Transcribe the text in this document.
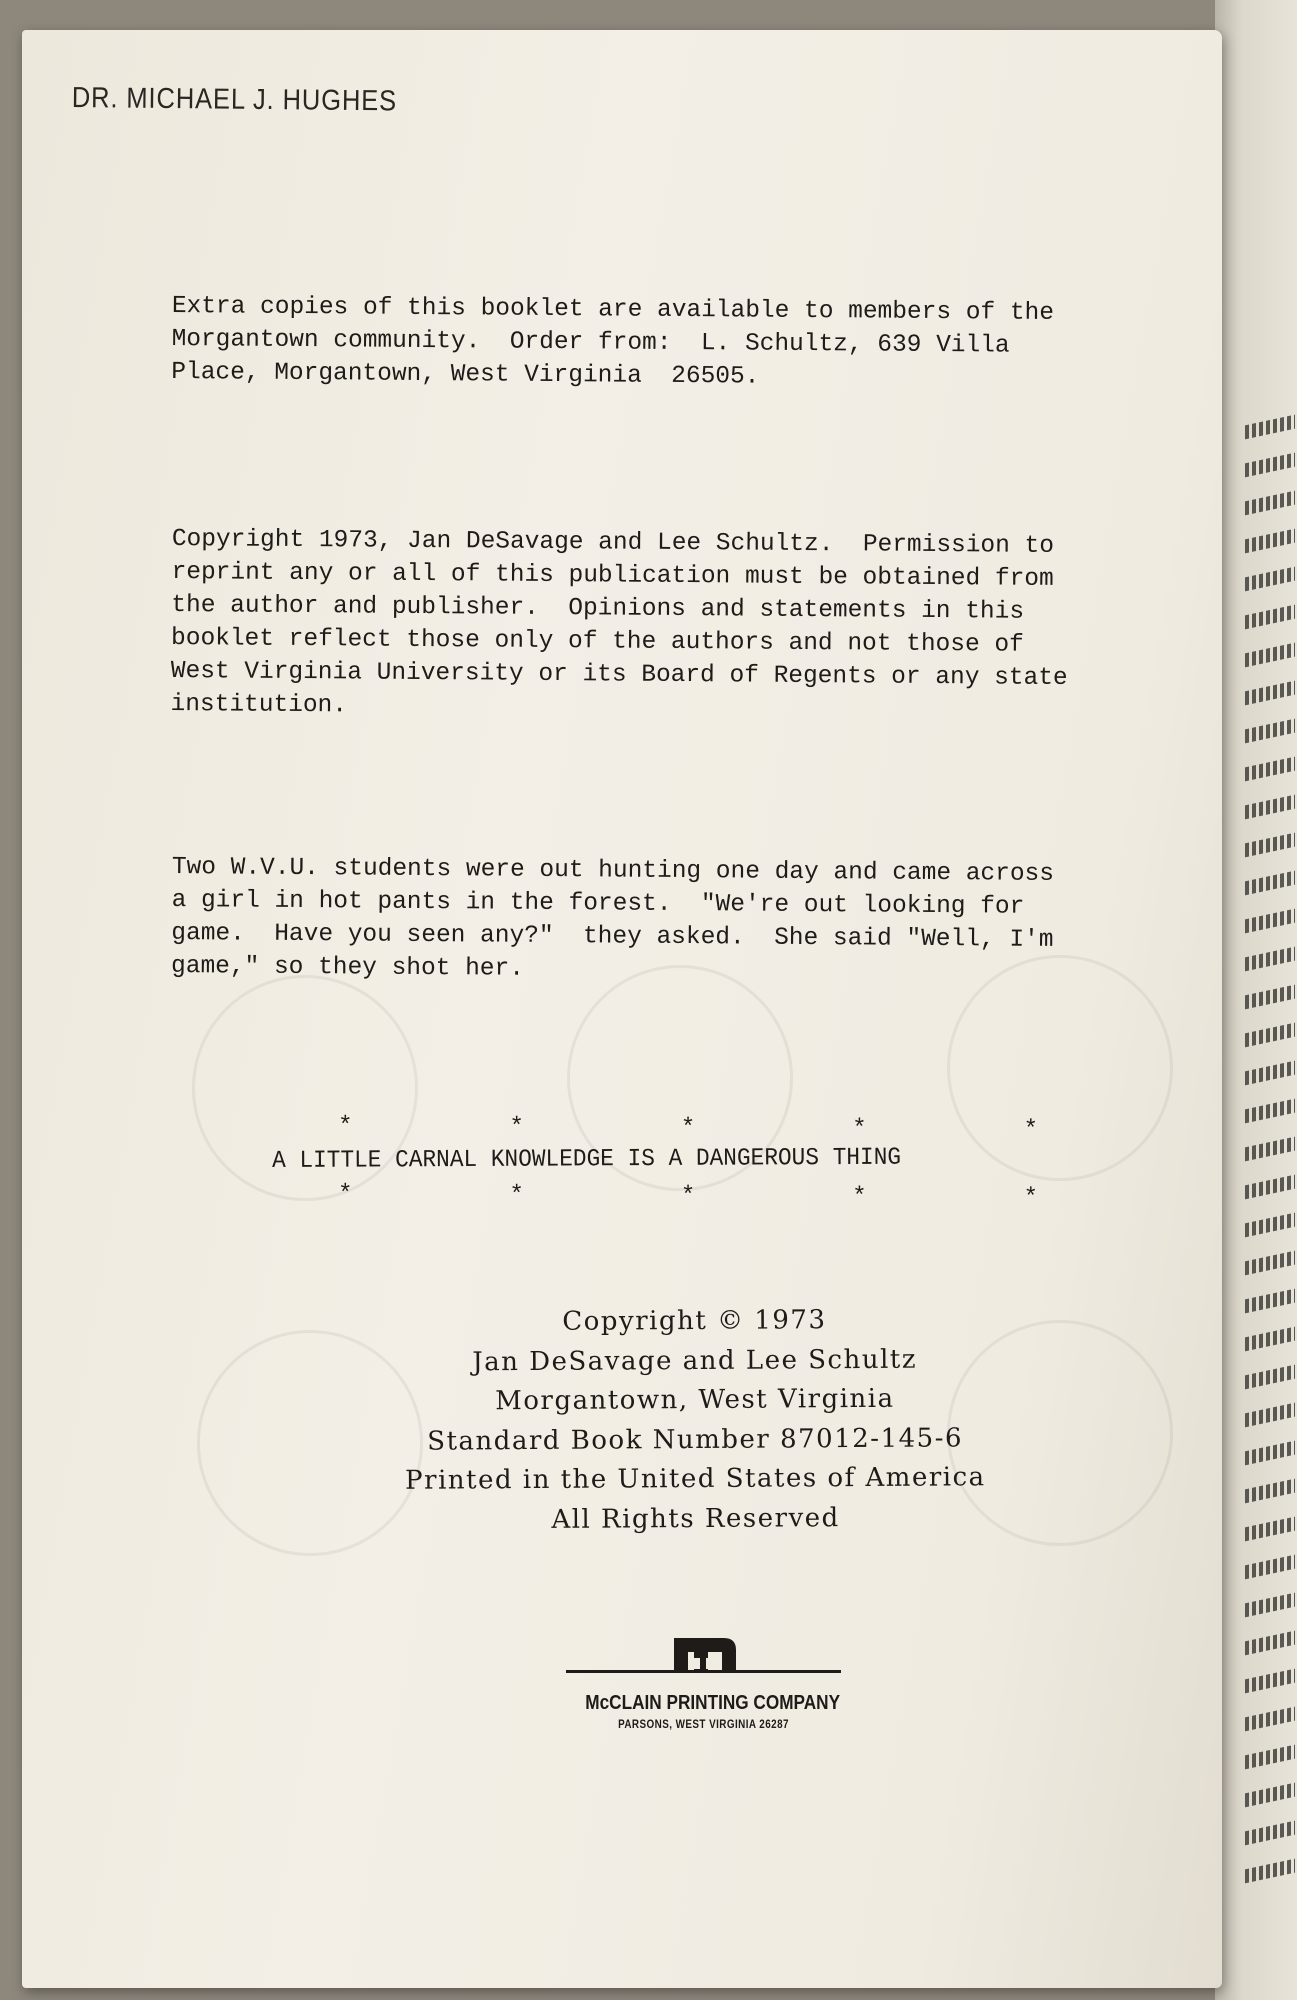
DR. MICHAEL J. HUGHES
Extra copies of this booklet are available to members of the
Morgantown community.  Order from:  L. Schultz, 639 Villa
Place, Morgantown, West Virginia  26505.
Copyright 1973, Jan DeSavage and Lee Schultz.  Permission to
reprint any or all of this publication must be obtained from
the author and publisher.  Opinions and statements in this
booklet reflect those only of the authors and not those of
West Virginia University or its Board of Regents or any state
institution.
Two W.V.U. students were out hunting one day and came across
a girl in hot pants in the forest.  "We're out looking for
game.  Have you seen any?"  they asked.  She said "Well, I'm
game," so they shot her.
*	*	*	*	*
A LITTLE CARNAL KNOWLEDGE IS A DANGEROUS THING
*	*	*	*	*
Copyright © 1973
Jan DeSavage and Lee Schultz
Morgantown, West Virginia
Standard Book Number 87012-145-6
Printed in the United States of America
All Rights Reserved
McCLAIN PRINTING COMPANY
PARSONS, WEST VIRGINIA 26287
